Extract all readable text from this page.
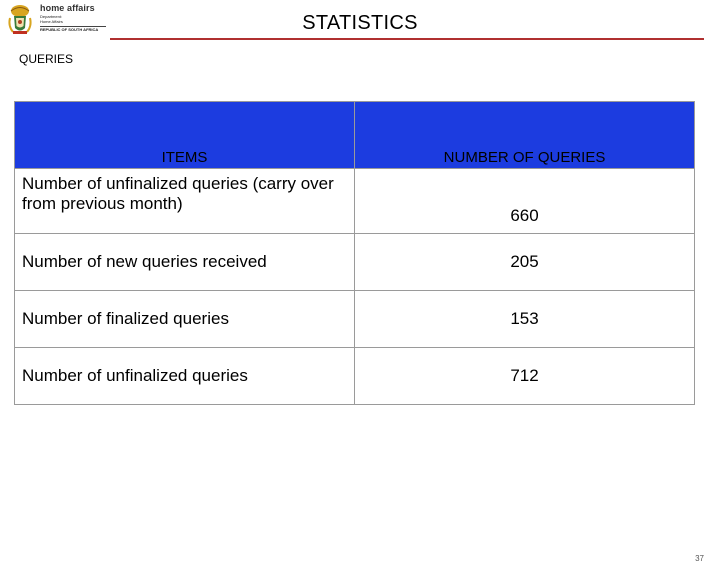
home affairs
Department:
Home Affairs
REPUBLIC OF SOUTH AFRICA	STATISTICS
QUERIES
ITEMS	NUMBER OF QUERIES
Number of unfinalized queries (carry over from previous month)	660
Number of new queries received	205
Number of finalized queries	153
Number of unfinalized queries	712
37
